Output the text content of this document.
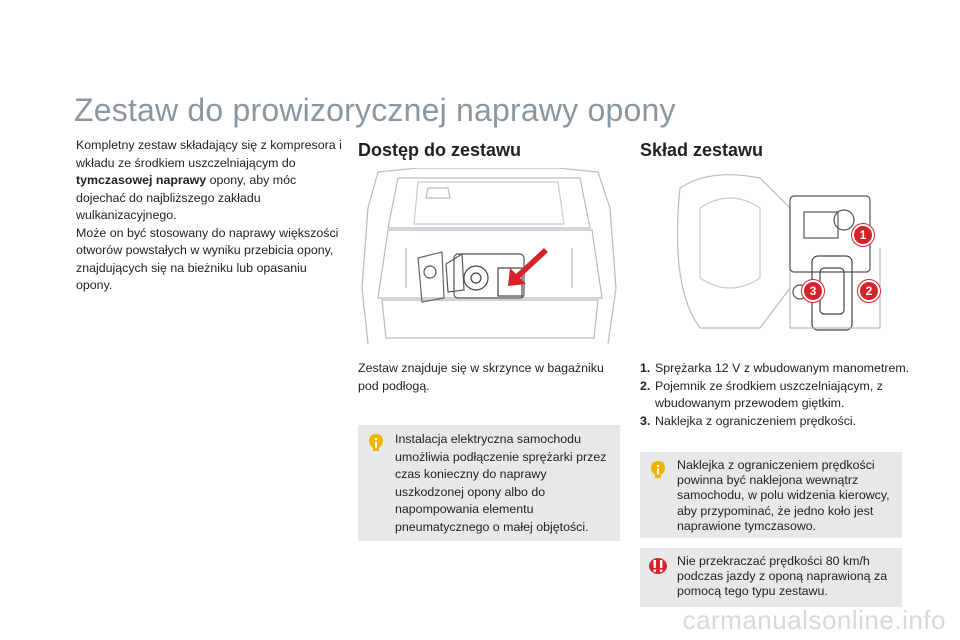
Zestaw do prowizorycznej naprawy opony
Kompletny zestaw składający się z kompresora i wkładu ze środkiem uszczelniającym do tymczasowej naprawy opony, aby móc dojechać do najbliższego zakładu wulkanizacyjnego.
Może on być stosowany do naprawy większości otworów powstałych w wyniku przebicia opony, znajdujących się na bieżniku lub opasaniu opony.
Dostęp do zestawu	Skład zestawu
1
2
3
Zestaw znajduje się w skrzynce w bagażniku pod podłogą.
1. Sprężarka 12 V z wbudowanym manometrem.
2. Pojemnik ze środkiem uszczelniającym, z wbudowanym przewodem giętkim.
3. Naklejka z ograniczeniem prędkości.
Instalacja elektryczna samochodu umożliwia podłączenie sprężarki przez czas konieczny do naprawy uszkodzonej opony albo do napompowania elementu pneumatycznego o małej objętości.
Naklejka z ograniczeniem prędkości powinna być naklejona wewnątrz samochodu, w polu widzenia kierowcy, aby przypominać, że jedno koło jest naprawione tymczasowo.
Nie przekraczać prędkości 80 km/h podczas jazdy z oponą naprawioną za pomocą tego typu zestawu.
carmanualsonline.info
